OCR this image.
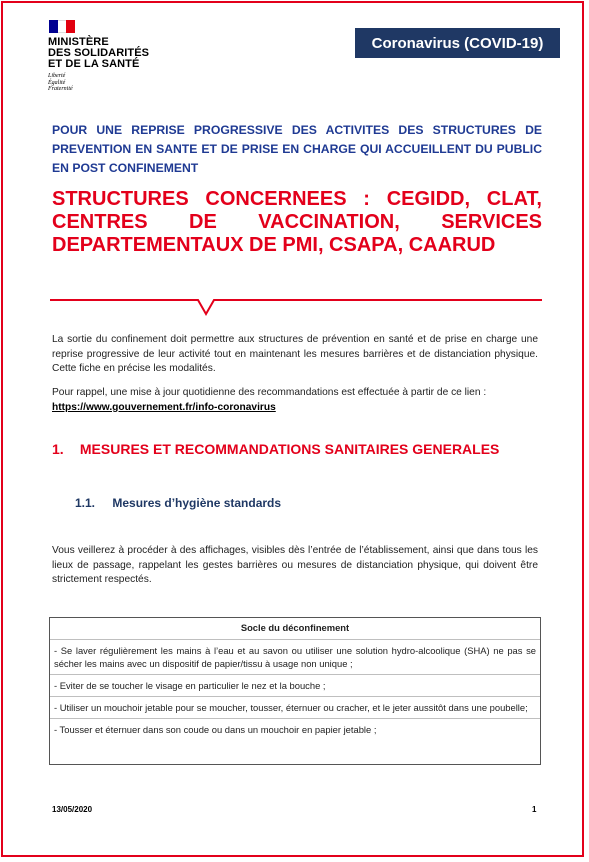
MINISTÈRE
DES SOLIDARITÉS
ET DE LA SANTÉ
Liberté
Égalité
Fraternité
Coronavirus (COVID-19)
POUR UNE REPRISE PROGRESSIVE DES ACTIVITES DES STRUCTURES DE PREVENTION EN SANTE ET DE PRISE EN CHARGE QUI ACCUEILLENT DU PUBLIC EN POST CONFINEMENT
STRUCTURES CONCERNEES : CEGIDD, CLAT,
CENTRES DE VACCINATION, SERVICES
DEPARTEMENTAUX DE PMI, CSAPA, CAARUD
La sortie du confinement doit permettre aux structures de prévention en santé et de prise en charge une reprise progressive de leur activité tout en maintenant les mesures barrières et de distanciation physique. Cette fiche en précise les modalités.
Pour rappel, une mise à jour quotidienne des recommandations est effectuée à partir de ce lien :
https://www.gouvernement.fr/info-coronavirus
1. MESURES ET RECOMMANDATIONS SANITAIRES GENERALES
1.1. Mesures d’hygiène standards
Vous veillerez à procéder à des affichages, visibles dès l’entrée de l’établissement, ainsi que dans tous les lieux de passage, rappelant les gestes barrières ou mesures de distanciation physique, qui doivent être strictement respectés.
Socle du déconfinement
- Se laver régulièrement les mains à l’eau et au savon ou utiliser une solution hydro-alcoolique (SHA) ne pas se sécher les mains avec un dispositif de papier/tissu à usage non unique ;
- Eviter de se toucher le visage en particulier le nez et la bouche ;
- Utiliser un mouchoir jetable pour se moucher, tousser, éternuer ou cracher, et le jeter aussitôt dans une poubelle;
- Tousser et éternuer dans son coude ou dans un mouchoir en papier jetable ;
13/05/2020	1
